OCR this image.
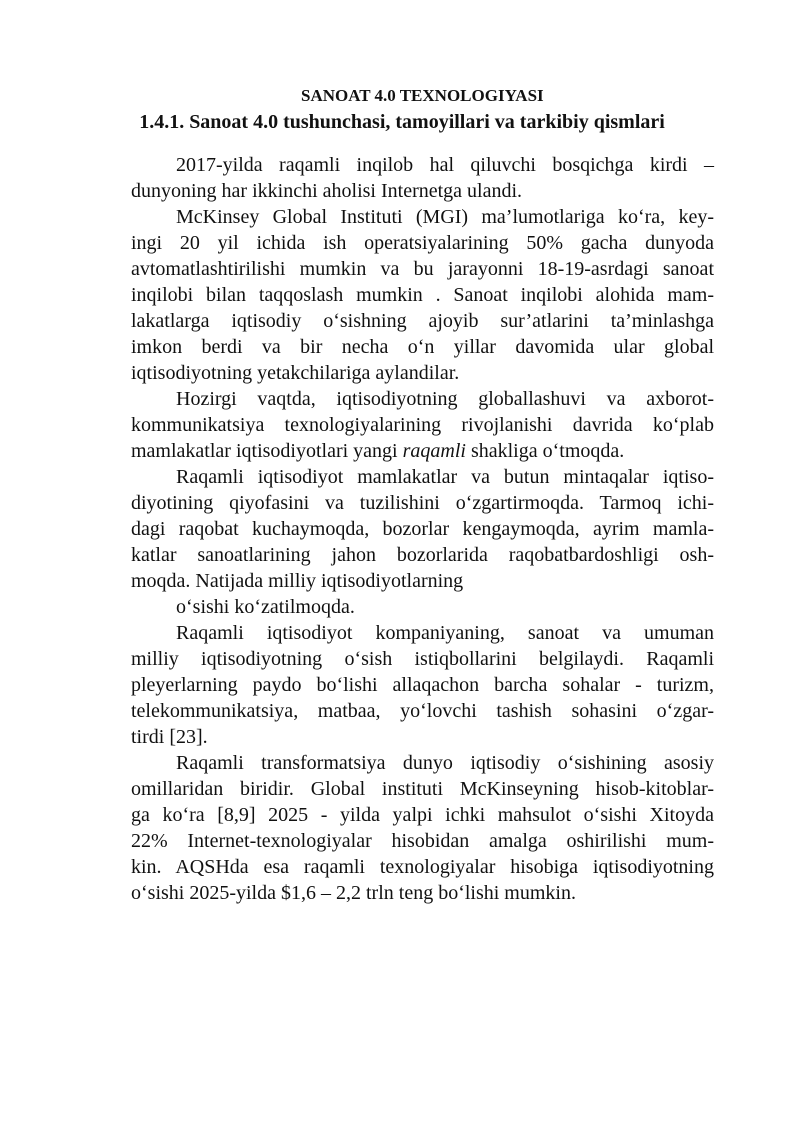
SANOAT 4.0 TEXNOLOGIYASI
1.4.1. Sanoat 4.0 tushunchasi, tamoyillari va tarkibiy qismlari
2017-yilda raqamli inqilob hal qiluvchi bosqichga kirdi –
dunyoning har ikkinchi aholisi Internetga ulandi.
McKinsey Global Instituti (MGI) ma’lumotlariga ko‘ra, key-
ingi 20 yil ichida ish operatsiyalarining 50% gacha dunyoda
avtomatlashtirilishi mumkin va bu jarayonni 18-19-asrdagi sanoat
inqilobi bilan taqqoslash mumkin . Sanoat inqilobi alohida mam-
lakatlarga iqtisodiy o‘sishning ajoyib sur’atlarini ta’minlashga
imkon berdi va bir necha o‘n yillar davomida ular global
iqtisodiyotning yetakchilariga aylandilar.
Hozirgi vaqtda, iqtisodiyotning globallashuvi va axborot-
kommunikatsiya texnologiyalarining rivojlanishi davrida ko‘plab
mamlakatlar iqtisodiyotlari yangi raqamli shakliga o‘tmoqda.
Raqamli iqtisodiyot mamlakatlar va butun mintaqalar iqtiso-
diyotining qiyofasini va tuzilishini o‘zgartirmoqda. Tarmoq ichi-
dagi raqobat kuchaymoqda, bozorlar kengaymoqda, ayrim mamla-
katlar sanoatlarining jahon bozorlarida raqobatbardoshligi osh-
moqda. Natijada milliy iqtisodiyotlarning
o‘sishi ko‘zatilmoqda.
Raqamli iqtisodiyot kompaniyaning, sanoat va umuman
milliy iqtisodiyotning o‘sish istiqbollarini belgilaydi. Raqamli
pleyerlarning paydo bo‘lishi allaqachon barcha sohalar - turizm,
telekommunikatsiya, matbaa, yo‘lovchi tashish sohasini o‘zgar-
tirdi [23].
Raqamli transformatsiya dunyo iqtisodiy o‘sishining asosiy
omillaridan biridir. Global instituti McKinseyning hisob-kitoblar-
ga ko‘ra [8,9] 2025 - yilda yalpi ichki mahsulot o‘sishi Xitoyda
22% Internet-texnologiyalar hisobidan amalga oshirilishi mum-
kin. AQSHda esa raqamli texnologiyalar hisobiga iqtisodiyotning
o‘sishi 2025-yilda $1,6 – 2,2 trln teng bo‘lishi mumkin.
